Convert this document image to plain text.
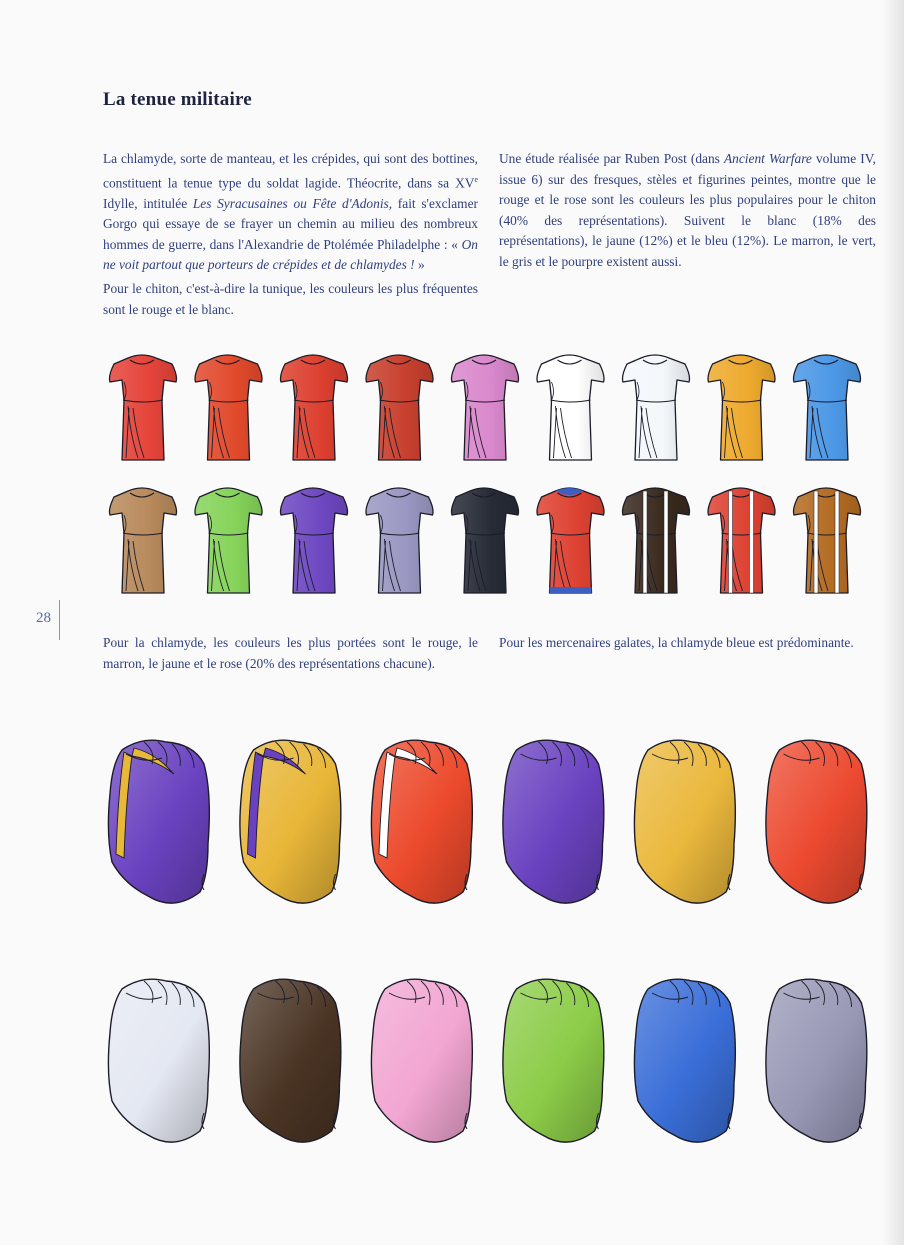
La tenue militaire

La chlamyde, sorte de manteau, et les crépides, qui sont des bottines, constituent la tenue type du soldat lagide. Théocrite, dans sa XVe Idylle, intitulée Les Syracusaines ou Fête d'Adonis, fait s'exclamer Gorgo qui essaye de se frayer un chemin au milieu des nombreux hommes de guerre, dans l'Alexandrie de Ptolémée Philadelphe : « On ne voit partout que porteurs de crépides et de chlamydes ! »

Pour le chiton, c'est-à-dire la tunique, les couleurs les plus fréquentes sont le rouge et le blanc.

Une étude réalisée par Ruben Post (dans Ancient Warfare volume IV, issue 6) sur des fresques, stèles et figurines peintes, montre que le rouge et le rose sont les couleurs les plus populaires pour le chiton (40% des représentations). Suivent le blanc (18% des représentations), le jaune (12%) et le bleu (12%). Le marron, le vert, le gris et le pourpre existent aussi.

28

Pour la chlamyde, les couleurs les plus portées sont le rouge, le marron, le jaune et le rose (20% des représentations chacune).

Pour les mercenaires galates, la chlamyde bleue est prédominante.
